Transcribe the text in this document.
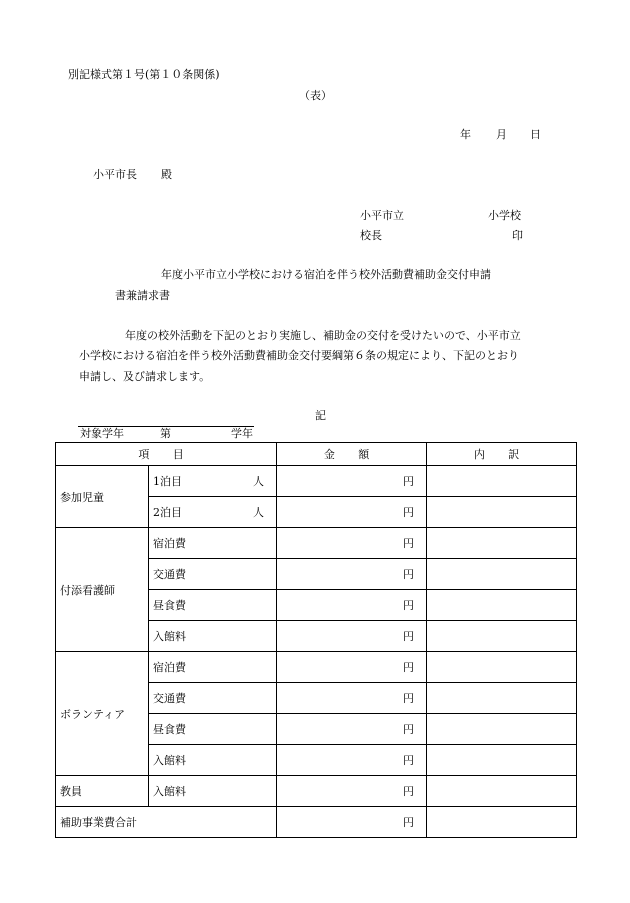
別記様式第１号(第１０条関係)
（表）
年 月 日
小平市長 殿
小平市立	小学校
校長	印
年度小平市立小学校における宿泊を伴う校外活動費補助金交付申請
書兼請求書
年度の校外活動を下記のとおり実施し、補助金の交付を受けたいので、小平市立
小学校における宿泊を伴う校外活動費補助金交付要綱第６条の規定により、下記のとおり
申請し、及び請求します。
記
対象学年	第	学年
項 目		金 額	内 訳
参加児童	1泊目 人	円	
	2泊目 人	円	
付添看護師	宿泊費	円	
	交通費	円	
	昼食費	円	
	入館料	円	
ボランティア	宿泊費	円	
	交通費	円	
	昼食費	円	
	入館料	円	
教員	入館料	円	
補助事業費合計		円	
